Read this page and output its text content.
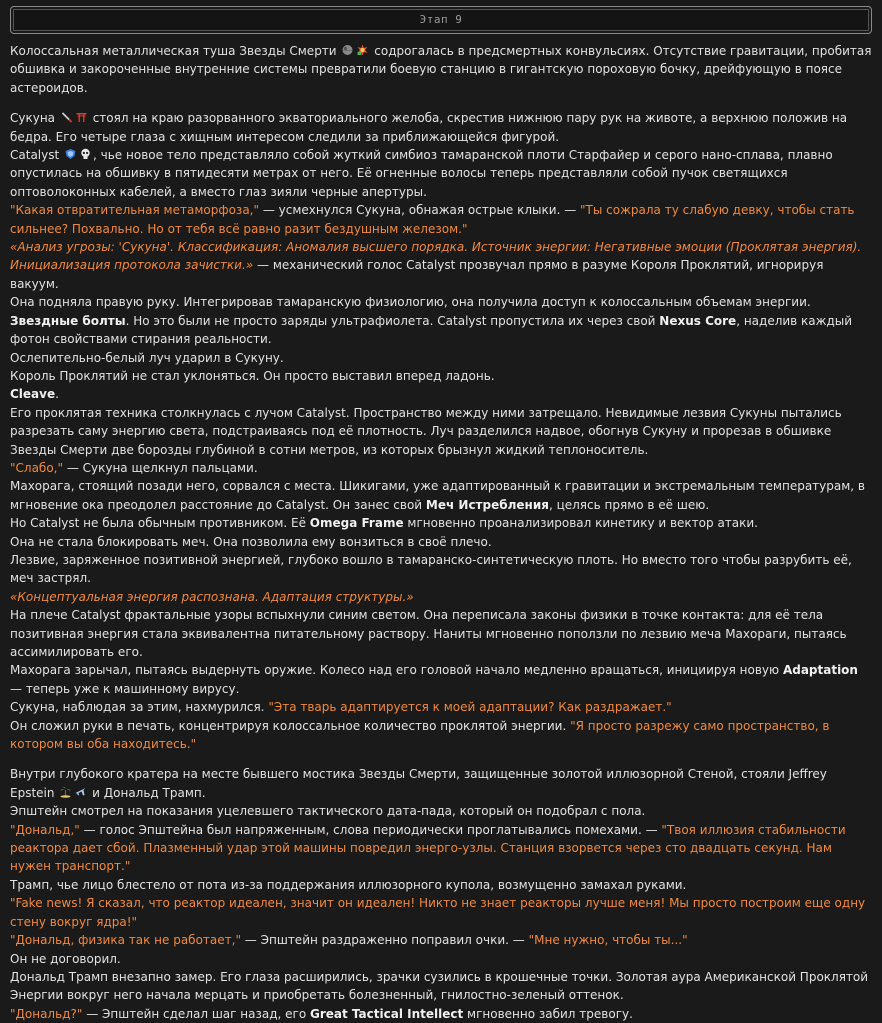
Этап 9

Колоссальная металлическая туша Звезды Смерти	содрогалась в предсмертных конвульсиях. Отсутствие гравитации, пробитая обшивка и закороченные внутренние системы превратили боевую станцию в гигантскую пороховую бочку, дрейфующую в поясе астероидов.

Сукуна	стоял на краю разорванного экваториального желоба, скрестив нижнюю пару рук на животе, а верхнюю положив на бедра. Его четыре глаза с хищным интересом следили за приближающейся фигурой.

Catalyst	, чье новое тело представляло собой жуткий симбиоз тамаранской плоти Старфайер и серого нано-сплава, плавно опустилась на обшивку в пятидесяти метрах от него. Её огненные волосы теперь представляли собой пучок светящихся оптоволоконных кабелей, а вместо глаз зияли черные апертуры.

"Какая отвратительная метаморфоза," — усмехнулся Сукуна, обнажая острые клыки. — "Ты сожрала ту слабую девку, чтобы стать сильнее? Похвально. Но от тебя всё равно разит бездушным железом."

«Анализ угрозы: 'Сукуна'. Классификация: Аномалия высшего порядка. Источник энергии: Негативные эмоции (Проклятая энергия). Инициализация протокола зачистки.» — механический голос Catalyst прозвучал прямо в разуме Короля Проклятий, игнорируя вакуум.

Она подняла правую руку. Интегрировав тамаранскую физиологию, она получила доступ к колоссальным объемам энергии.

Звездные болты. Но это были не просто заряды ультрафиолета. Catalyst пропустила их через свой Nexus Core, наделив каждый фотон свойствами стирания реальности.

Ослепительно-белый луч ударил в Сукуну.

Король Проклятий не стал уклоняться. Он просто выставил вперед ладонь.

Cleave.

Его проклятая техника столкнулась с лучом Catalyst. Пространство между ними затрещало. Невидимые лезвия Сукуны пытались разрезать саму энергию света, подстраиваясь под её плотность. Луч разделился надвое, обогнув Сукуну и прорезав в обшивке Звезды Смерти две борозды глубиной в сотни метров, из которых брызнул жидкий теплоноситель.

"Слабо," — Сукуна щелкнул пальцами.

Махорага, стоящий позади него, сорвался с места. Шикигами, уже адаптированный к гравитации и экстремальным температурам, в мгновение ока преодолел расстояние до Catalyst. Он занес свой Меч Истребления, целясь прямо в её шею.

Но Catalyst не была обычным противником. Её Omega Frame мгновенно проанализировал кинетику и вектор атаки.

Она не стала блокировать меч. Она позволила ему вонзиться в своё плечо.

Лезвие, заряженное позитивной энергией, глубоко вошло в тамаранско-синтетическую плоть. Но вместо того чтобы разрубить её, меч застрял.

«Концептуальная энергия распознана. Адаптация структуры.»

На плече Catalyst фрактальные узоры вспыхнули синим светом. Она переписала законы физики в точке контакта: для её тела позитивная энергия стала эквивалентна питательному раствору. Наниты мгновенно поползли по лезвию меча Махораги, пытаясь ассимилировать его.

Махорага зарычал, пытаясь выдернуть оружие. Колесо над его головой начало медленно вращаться, инициируя новую Adaptation — теперь уже к машинному вирусу.

Сукуна, наблюдая за этим, нахмурился. "Эта тварь адаптируется к моей адаптации? Как раздражает."

Он сложил руки в печать, концентрируя колоссальное количество проклятой энергии. "Я просто разрежу само пространство, в котором вы оба находитесь."

Внутри глубокого кратера на месте бывшего мостика Звезды Смерти, защищенные золотой иллюзорной Стеной, стояли Jeffrey Epstein	и Дональд Трамп.

Эпштейн смотрел на показания уцелевшего тактического дата-пада, который он подобрал с пола.

"Дональд," — голос Эпштейна был напряженным, слова периодически проглатывались помехами. — "Твоя иллюзия стабильности реактора дает сбой. Плазменный удар этой машины повредил энерго-узлы. Станция взорвется через сто двадцать секунд. Нам нужен транспорт."

Трамп, чье лицо блестело от пота из-за поддержания иллюзорного купола, возмущенно замахал руками.

"Fake news! Я сказал, что реактор идеален, значит он идеален! Никто не знает реакторы лучше меня! Мы просто построим еще одну стену вокруг ядра!"

"Дональд, физика так не работает," — Эпштейн раздраженно поправил очки. — "Мне нужно, чтобы ты..."

Он не договорил.

Дональд Трамп внезапно замер. Его глаза расширились, зрачки сузились в крошечные точки. Золотая аура Американской Проклятой Энергии вокруг него начала мерцать и приобретать болезненный, гнилостно-зеленый оттенок.

"Дональд?" — Эпштейн сделал шаг назад, его Great Tactical Intellect мгновенно забил тревогу.
